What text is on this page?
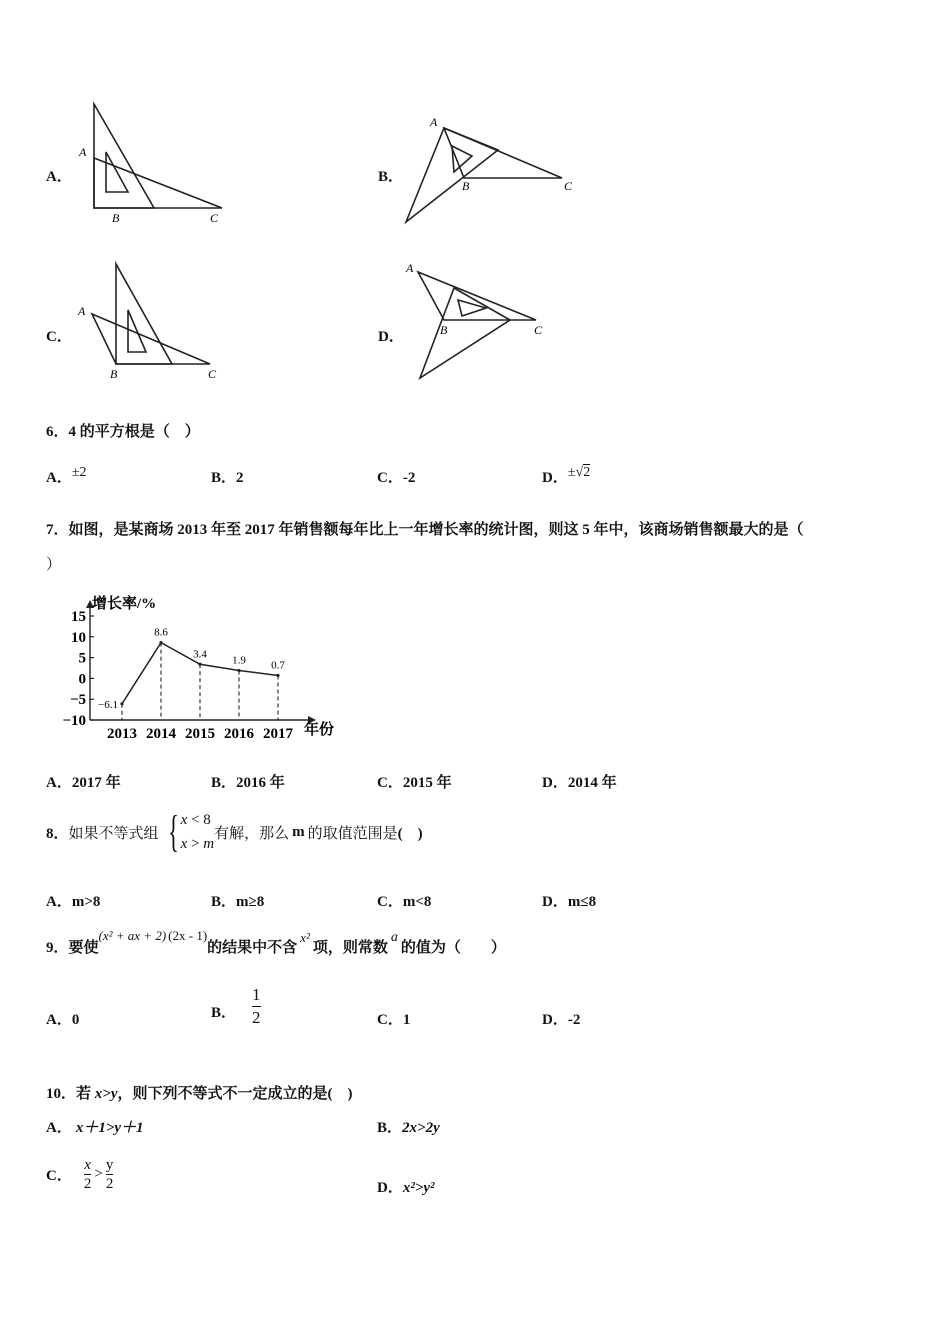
A．
A
B	C
B．
A
B	C
C．
A
B	C
D．
A
B	C
6．4 的平方根是（　）
A．±2	B．2	C．-2	D．±√2
7．如图，是某商场 2013 年至 2017 年销售额每年比上一年增长率的统计图，则这 5 年中，该商场销售额最大的是（
）
15
10
5
0
−5
−10
2013 2014 2015 2016 2017
−6.1
8.6
3.4
1.9 0.7
增长率/%
年份
A．2017 年	B．2016 年	C．2015 年	D．2014 年
8． 如果不等式组 { x < 8
x > m
有解，那么 m 的取值范围是 (　)
A．m>8	B．m≥8	C．m<8	D．m≤8
9．要使
(x² + ax + 2) (2x - 1)
的结果中不含
x²
项，则常数
a
的值为（　　）
A．0	B． $\frac{1}{2}$	C．1	D．-2
10．若 x>y，则下列不等式不一定成立的是(　)
A． x＋1>y＋1	B．2x>2y
C． $\frac{x}{2} > \frac{y}{2}$	D．x²>y²
